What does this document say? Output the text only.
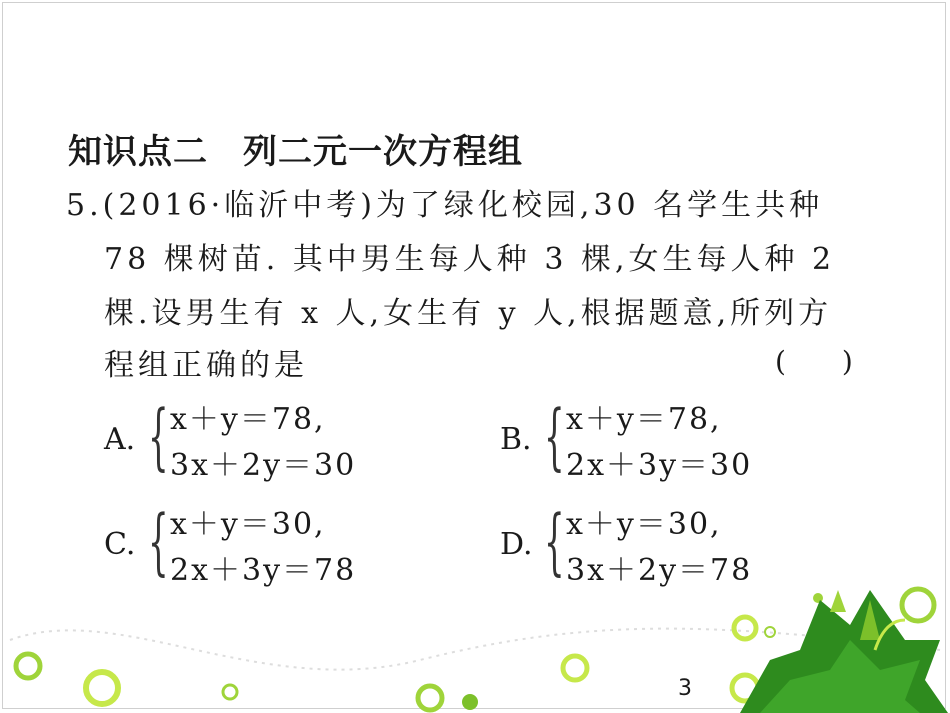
知识点二　列二元一次方程组
5.(2016·临沂中考)为了绿化校园,30 名学生共种
78 棵树苗. 其中男生每人种 3 棵,女生每人种 2
棵.设男生有 x 人,女生有 y 人,根据题意,所列方
程组正确的是	(　　)
A. { x＋y＝78,
3x＋2y＝30
B. { x＋y＝78,
2x＋3y＝30
C. { x＋y＝30,
2x＋3y＝78
D. { x＋y＝30,
3x＋2y＝78
3
